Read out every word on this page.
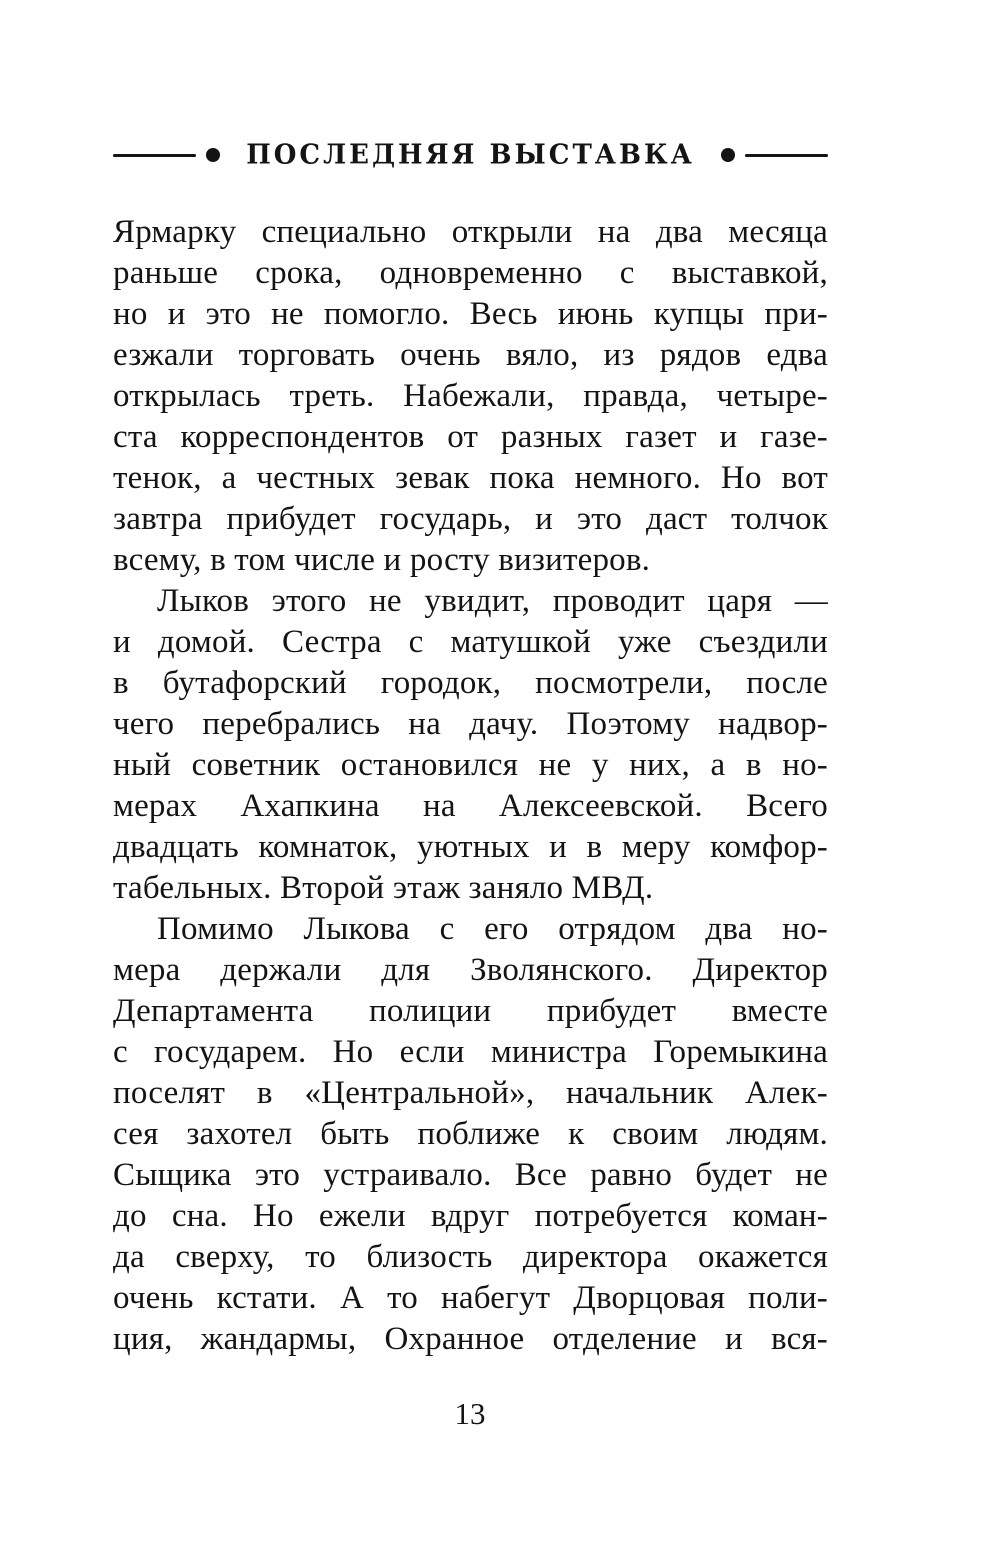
ПОСЛЕДНЯЯ ВЫСТАВКА
Ярмарку специально открыли на два месяца
раньше срока, одновременно с выставкой,
но и это не помогло. Весь июнь купцы при-
езжали торговать очень вяло, из рядов едва
открылась треть. Набежали, правда, четыре-
ста корреспондентов от разных газет и газе-
тенок, а честных зевак пока немного. Но вот
завтра прибудет государь, и это даст толчок
всему, в том числе и росту визитеров.
Лыков этого не увидит, проводит царя —
и домой. Сестра с матушкой уже съездили
в бутафорский городок, посмотрели, после
чего перебрались на дачу. Поэтому надвор-
ный советник остановился не у них, а в но-
мерах Ахапкина на Алексеевской. Всего
двадцать комнаток, уютных и в меру комфор-
табельных. Второй этаж заняло МВД.
Помимо Лыкова с его отрядом два но-
мера держали для Зволянского. Директор
Департамента полиции прибудет вместе
с государем. Но если министра Горемыкина
поселят в «Центральной», начальник Алек-
сея захотел быть поближе к своим людям.
Сыщика это устраивало. Все равно будет не
до сна. Но ежели вдруг потребуется коман-
да сверху, то близость директора окажется
очень кстати. А то набегут Дворцовая поли-
ция, жандармы, Охранное отделение и вся-
13
